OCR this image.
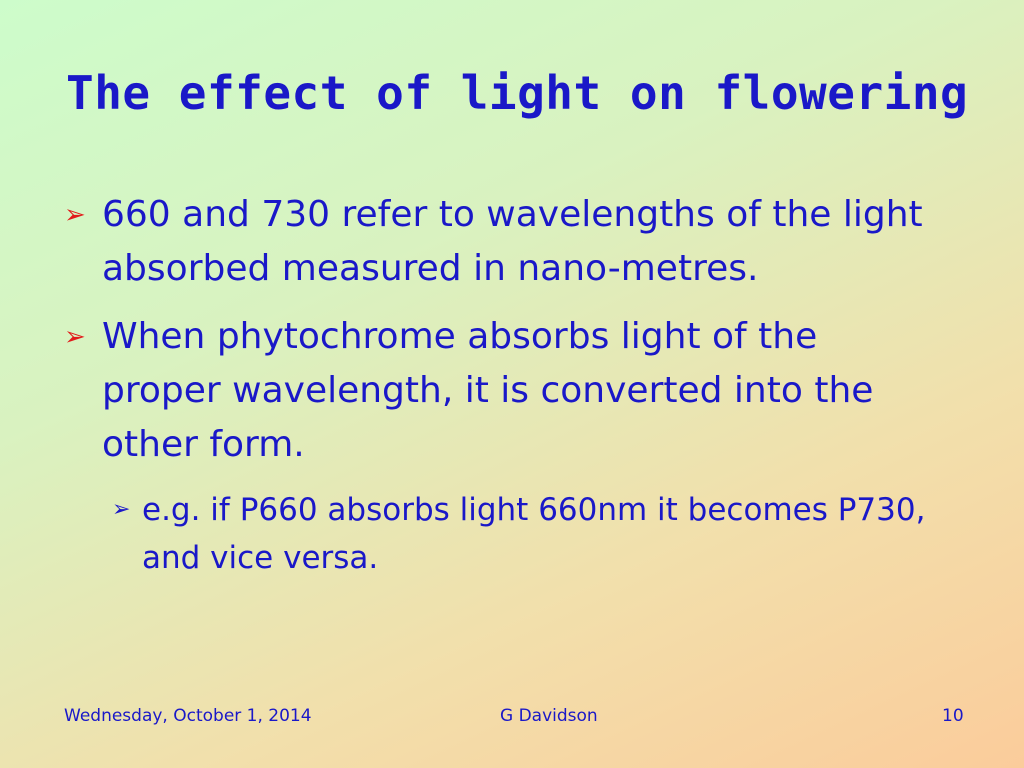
The effect of light on flowering
➢ 660 and 730 refer to wavelengths of the light absorbed measured in nano-metres.
➢ When phytochrome absorbs light of the proper wavelength, it is converted into the other form.
➢ e.g. if P660 absorbs light 660nm it becomes P730, and vice versa.
Wednesday, October 1, 2014	G Davidson	10
